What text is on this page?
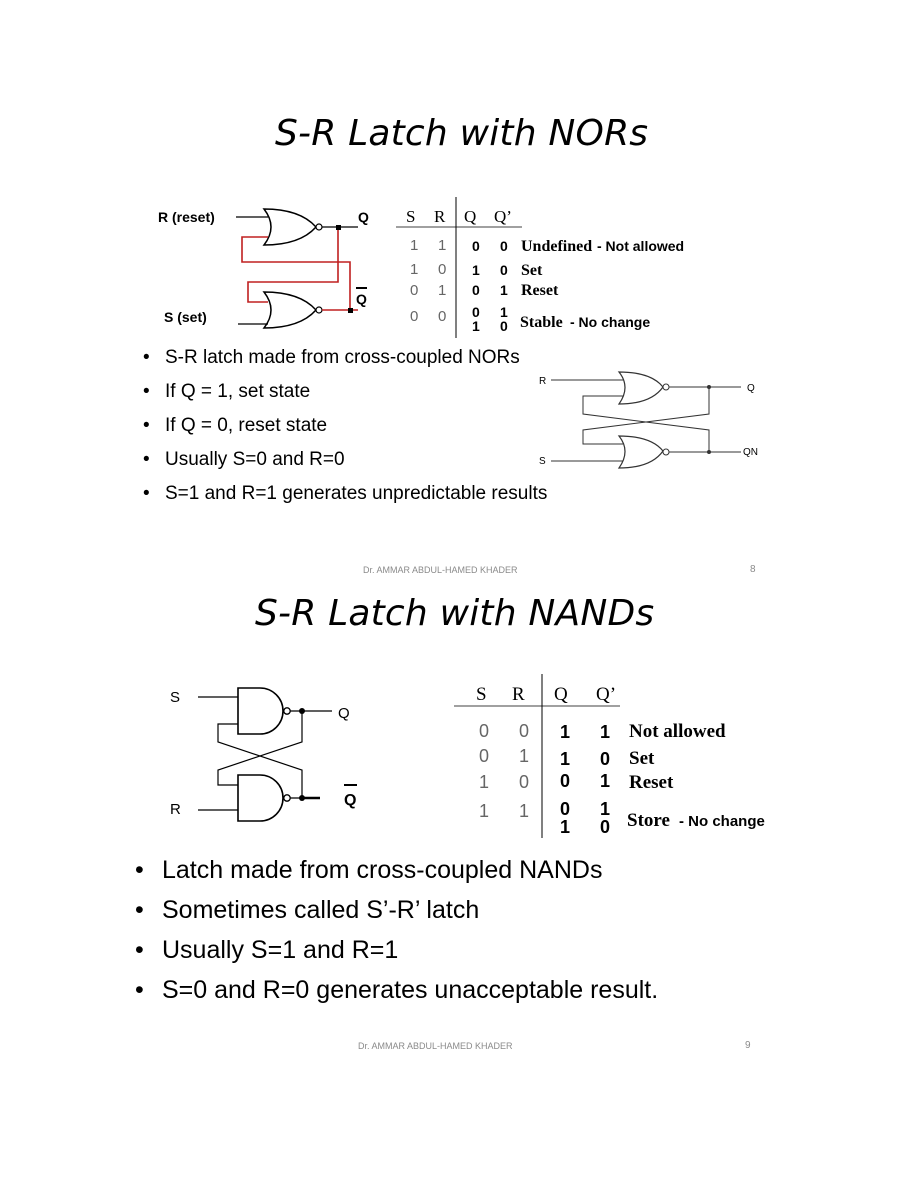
S-R Latch with NORs
R (reset)
S (set)
Q
Q
S R Q Q’
1 1 0 0 Undefined - Not allowed
1 0 1 0 Set
0 1 0 1 Reset
0 0 0 1
1 0 Stable - No change
• S-R latch made from cross-coupled NORs
• If Q = 1, set state
• If Q = 0, reset state
• Usually S=0 and R=0
• S=1 and R=1 generates unpredictable results
R
S
Q
QN
Dr. AMMAR ABDUL-HAMED KHADER	8
S-R Latch with NANDs
S
R
Q
Q
S R Q Q’
0 0 1 1 Not allowed
0 1 1 0 Set
1 0 0 1 Reset
1 1 0 1
1 0 Store - No change
• Latch made from cross-coupled NANDs
• Sometimes called S’-R’ latch
• Usually S=1 and R=1
• S=0 and R=0 generates unacceptable result.
Dr. AMMAR ABDUL-HAMED KHADER	9
